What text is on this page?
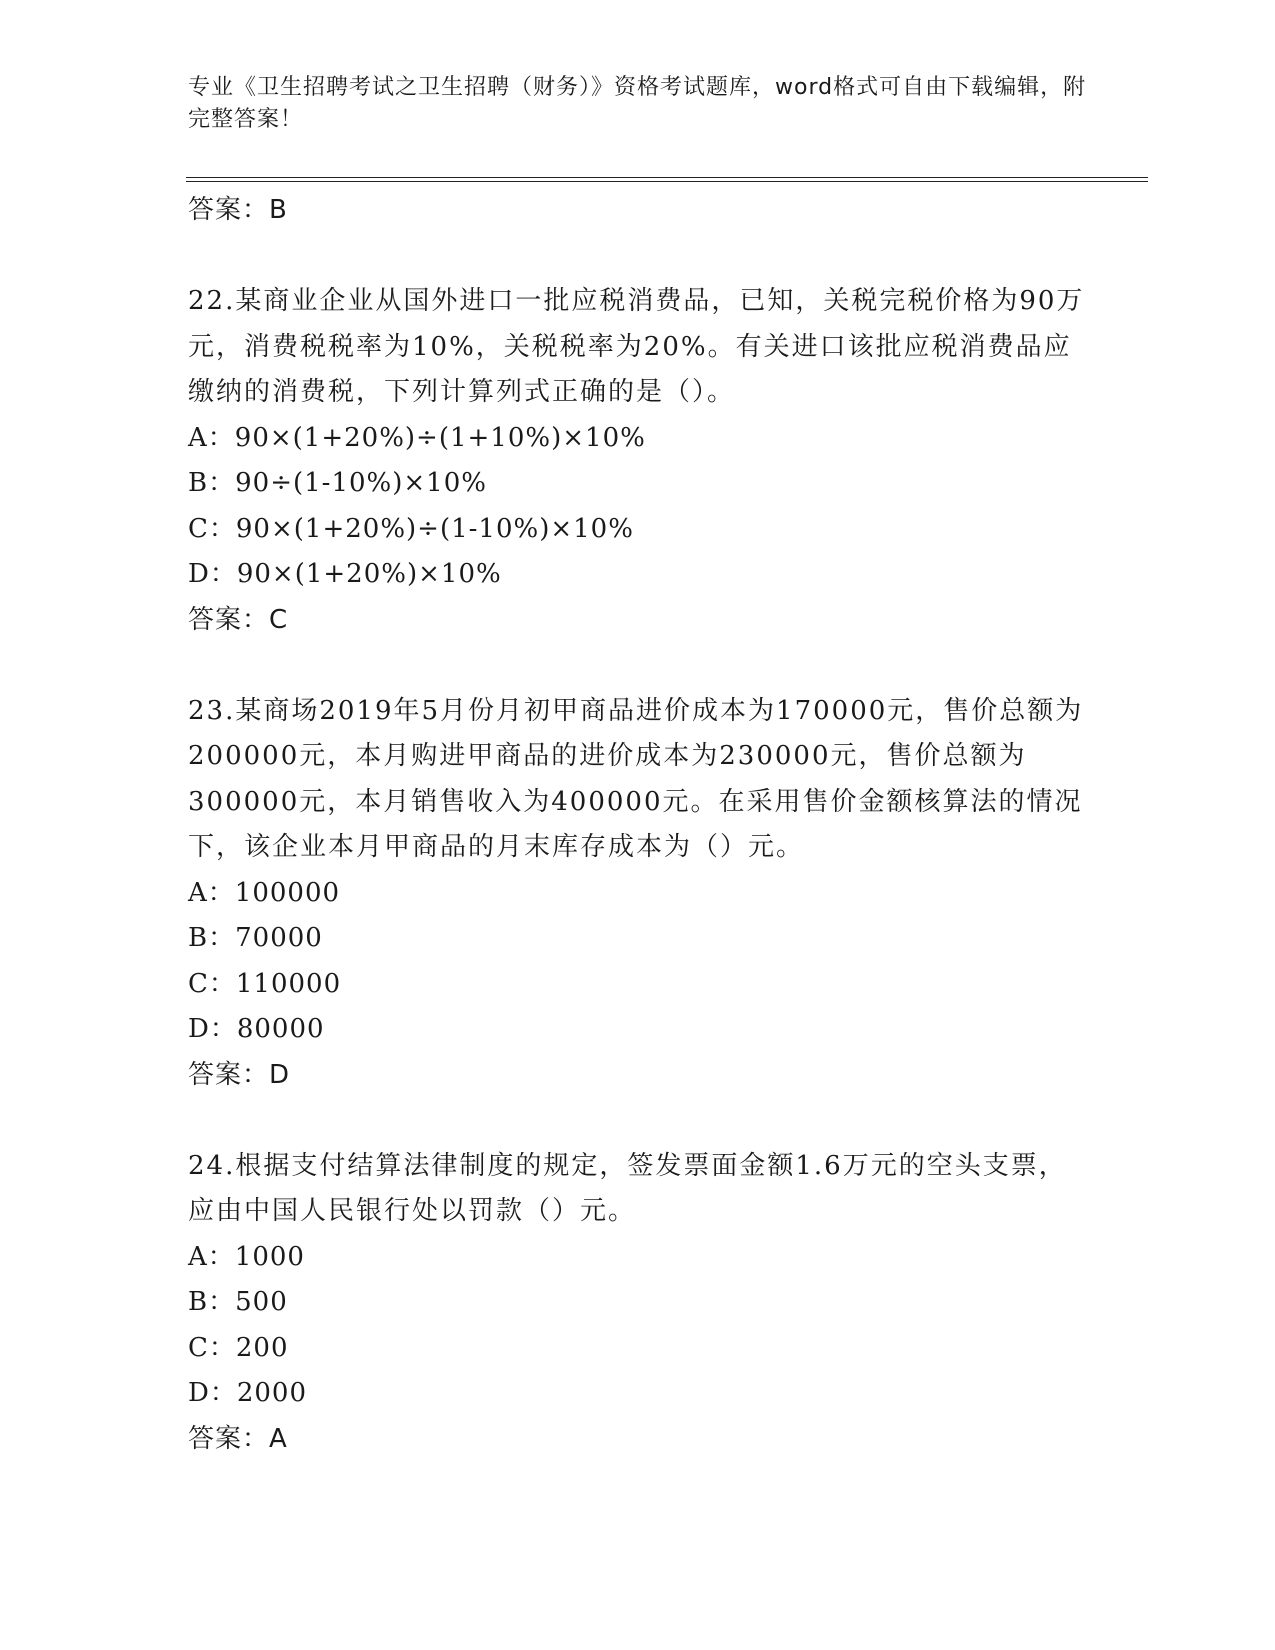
专业《卫生招聘考试之卫生招聘（财务）》资格考试题库，word格式可自由下载编辑，附完整答案！
答案：B
22.某商业企业从国外进口一批应税消费品，已知，关税完税价格为90万元，消费税税率为10%，关税税率为20%。有关进口该批应税消费品应缴纳的消费税，下列计算列式正确的是（）。
A：90×(1+20%)÷(1+10%)×10%
B：90÷(1-10%)×10%
C：90×(1+20%)÷(1-10%)×10%
D：90×(1+20%)×10%
答案：C
23.某商场2019年5月份月初甲商品进价成本为170000元，售价总额为200000元，本月购进甲商品的进价成本为230000元，售价总额为300000元，本月销售收入为400000元。在采用售价金额核算法的情况下，该企业本月甲商品的月末库存成本为（）元。
A：100000
B：70000
C：110000
D：80000
答案：D
24.根据支付结算法律制度的规定，签发票面金额1.6万元的空头支票，应由中国人民银行处以罚款（）元。
A：1000
B：500
C：200
D：2000
答案：A
